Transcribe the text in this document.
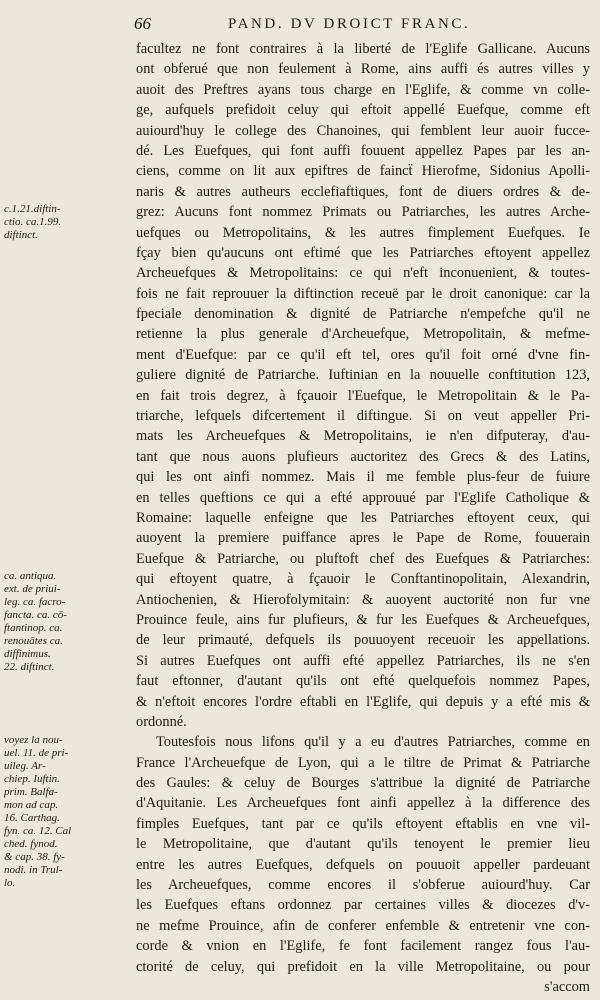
66	PAND. DV DROICT FRANC.
facultez ne font contraires à la liberté de l'Eglife Gallicane. Aucuns
ont obferué que non feulement à Rome, ains auffi és autres villes y
auoit des Preftres ayans tous charge en l'Eglife, & comme vn colle-
ge, aufquels prefidoit celuy qui eftoit appellé Euefque, comme eft
auiourd'huy le college des Chanoines, qui femblent leur auoir fucce-
dé. Les Euefques, qui font auffi fouuent appellez Papes par les an-
ciens, comme on lit aux epiftres de faincẗ Hierofme, Sidonius Apolli-
naris & autres autheurs ecclefiaftiques, font de diuers ordres & de-
grez: Aucuns font nommez Primats ou Patriarches, les autres Arche-
uefques ou Metropolitains, & les autres fimplement Euefques. Ie
fçay bien qu'aucuns ont eftimé que les Patriarches eftoyent appellez
Archeuefques & Metropolitains: ce qui n'eft inconuenient, & toutes-
fois ne fait reprouuer la diftinction receuë par le droit canonique: car la
fpeciale denomination & dignité de Patriarche n'empefche qu'il ne
retienne la plus generale d'Archeuefque, Metropolitain, & mefme-
ment d'Euefque: par ce qu'il eft tel, ores qu'il foit orné d'vne fin-
guliere dignité de Patriarche. Iuftinian en la nouuelle conftitution 123,
en fait trois degrez, à fçauoir l'Euefque, le Metropolitain & le Pa-
triarche, lefquels difcertement il diftingue. Si on veut appeller Pri-
mats les Archeuefques & Metropolitains, ie n'en difputeray, d'au-
tant que nous auons plufieurs auctoritez des Grecs & des Latins,
qui les ont ainfi nommez. Mais il me femble plus-feur de fuiure
en telles queftions ce qui a efté approuué par l'Eglife Catholique &
Romaine: laquelle enfeigne que les Patriarches eftoyent ceux, qui
auoyent la premiere puiffance apres le Pape de Rome, fouuerain
Euefque & Patriarche, ou pluftoft chef des Euefques & Patriarches:
qui eftoyent quatre, à fçauoir le Conftantinopolitain, Alexandrin,
Antiochenien, & Hierofolymitain: & auoyent auctorité non fur vne
Prouince feule, ains fur plufieurs, & fur les Euefques & Archeuefques,
de leur primauté, defquels ils pouuoyent receuoir les appellations.
Si autres Euefques ont auffi efté appellez Patriarches, ils ne s'en
faut eftonner, d'autant qu'ils ont efté quelquefois nommez Papes,
& n'eftoit encores l'ordre eftabli en l'Eglife, qui depuis y a efté mis &
ordonné.
Toutesfois nous lifons qu'il y a eu d'autres Patriarches, comme en
France l'Archeuefque de Lyon, qui a le tiltre de Primat & Patriarche
des Gaules: & celuy de Bourges s'attribue la dignité de Patriarche
d'Aquitanie. Les Archeuefques font ainfi appellez à la difference des
fimples Euefques, tant par ce qu'ils eftoyent eftablis en vne vil-
le Metropolitaine, que d'autant qu'ils tenoyent le premier lieu
entre les autres Euefques, defquels on pouuoit appeller pardeuant
les Archeuefques, comme encores il s'obferue auiourd'huy. Car
les Euefques eftans ordonnez par certaines villes & diocezes d'v-
ne mefme Prouince, afin de conferer enfemble & entretenir vne con-
corde & vnion en l'Eglife, fe font facilement rangez fous l'au-
ctorité de celuy, qui prefidoit en la ville Metropolitaine, ou pour
s'accom
c.1.21.diftin-
ctio. ca.1.99.
diftinct.
ca. antiqua.
ext. de priui-
leg. ca. facro-
fancta. ca. cō-
ftantinop. ca.
renouātes ca.
diffinimus.
22. diftinct.
voyez la nou-
uel. 11. de pri-
uileg. Ar-
chiep. Iuftin.
prim. Balfa-
mon ad cap.
16. Carthag.
fyn. ca. 12. Cal
ched. fynod.
& cap. 38. fy-
nodi. in Trul-
lo.
